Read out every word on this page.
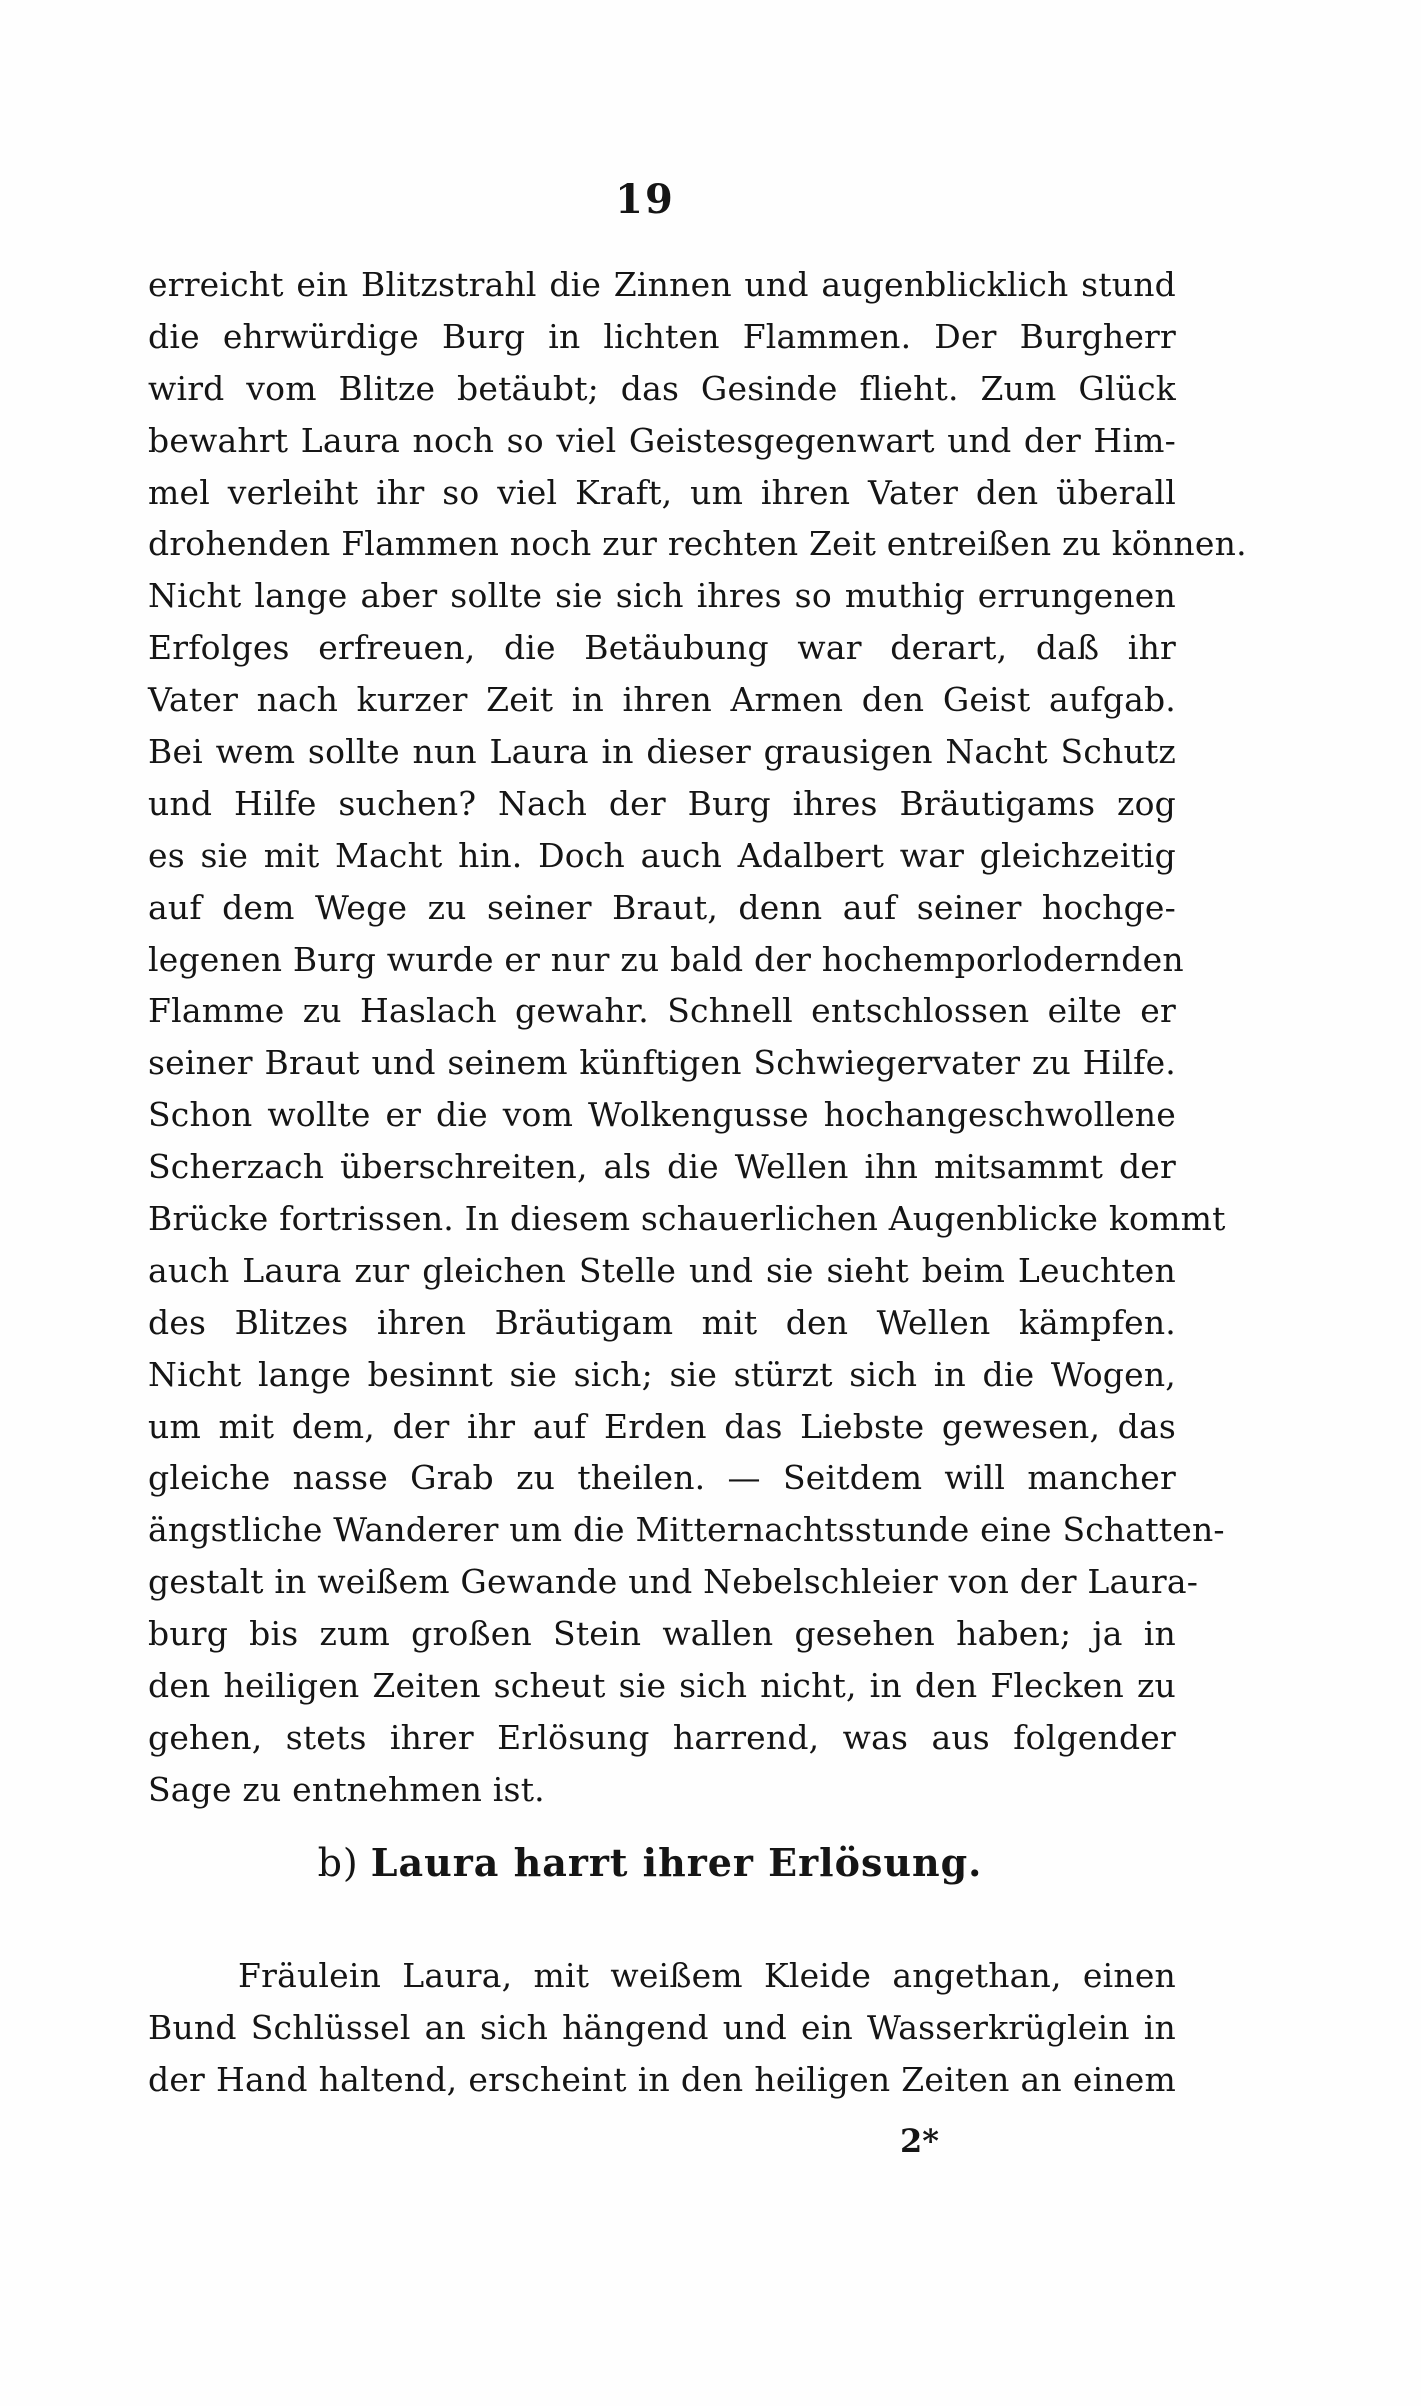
19
erreicht ein Blitzstrahl die Zinnen und augenblicklich stund
die ehrwürdige Burg in lichten Flammen. Der Burgherr
wird vom Blitze betäubt; das Gesinde flieht. Zum Glück
bewahrt Laura noch so viel Geistesgegenwart und der Him-
mel verleiht ihr so viel Kraft, um ihren Vater den überall
drohenden Flammen noch zur rechten Zeit entreißen zu können.
Nicht lange aber sollte sie sich ihres so muthig errungenen
Erfolges erfreuen, die Betäubung war derart, daß ihr
Vater nach kurzer Zeit in ihren Armen den Geist aufgab.
Bei wem sollte nun Laura in dieser grausigen Nacht Schutz
und Hilfe suchen? Nach der Burg ihres Bräutigams zog
es sie mit Macht hin. Doch auch Adalbert war gleichzeitig
auf dem Wege zu seiner Braut, denn auf seiner hochge-
legenen Burg wurde er nur zu bald der hochemporlodernden
Flamme zu Haslach gewahr. Schnell entschlossen eilte er
seiner Braut und seinem künftigen Schwiegervater zu Hilfe.
Schon wollte er die vom Wolkengusse hochangeschwollene
Scherzach überschreiten, als die Wellen ihn mitsammt der
Brücke fortrissen. In diesem schauerlichen Augenblicke kommt
auch Laura zur gleichen Stelle und sie sieht beim Leuchten
des Blitzes ihren Bräutigam mit den Wellen kämpfen.
Nicht lange besinnt sie sich; sie stürzt sich in die Wogen,
um mit dem, der ihr auf Erden das Liebste gewesen, das
gleiche nasse Grab zu theilen. — Seitdem will mancher
ängstliche Wanderer um die Mitternachtsstunde eine Schatten-
gestalt in weißem Gewande und Nebelschleier von der Laura-
burg bis zum großen Stein wallen gesehen haben; ja in
den heiligen Zeiten scheut sie sich nicht, in den Flecken zu
gehen, stets ihrer Erlösung harrend, was aus folgender
Sage zu entnehmen ist.
b) Laura harrt ihrer Erlösung.
Fräulein Laura, mit weißem Kleide angethan, einen
Bund Schlüssel an sich hängend und ein Wasserkrüglein in
der Hand haltend, erscheint in den heiligen Zeiten an einem
2*
